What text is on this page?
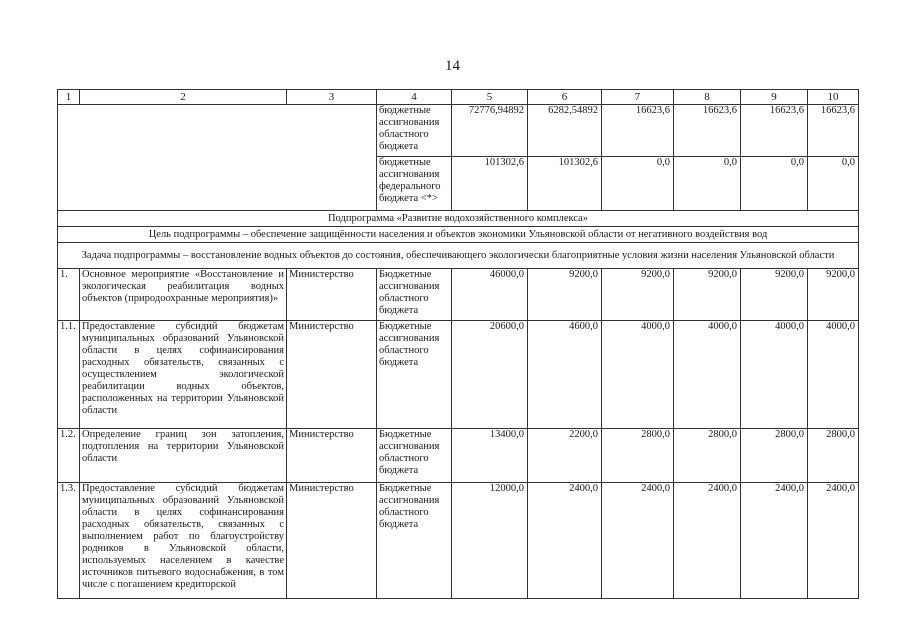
14
1	2	3	4	5	6	7	8	9	10
			бюджетные ассигнования областного бюджета	72776,94892	6282,54892	16623,6	16623,6	16623,6	16623,6
			бюджетные ассигнования федерального бюджета <*>	101302,6	101302,6	0,0	0,0	0,0	0,0
Подпрограмма «Развитие водохозяйственного комплекса»									
Цель подпрограммы – обеспечение защищённости населения и объектов экономики Ульяновской области от негативного воздействия вод									
Задача подпрограммы – восстановление водных объектов до состояния, обеспечивающего экологически благоприятные условия жизни населения Ульяновской области									
1.	Основное мероприятие «Восстановление и экологическая реабилитация водных объектов (природоохранные мероприятия)»	Министерство	Бюджетные ассигнования областного бюджета	46000,0	9200,0	9200,0	9200,0	9200,0	9200,0
1.1.	Предоставление субсидий бюджетам муниципальных образований Ульяновской области в целях софинансирования расходных обязательств, связанных с осуществлением экологической реабилитации водных объектов, расположенных на территории Ульяновской области	Министерство	Бюджетные ассигнования областного бюджета	20600,0	4600,0	4000,0	4000,0	4000,0	4000,0
1.2.	Определение границ зон затопления, подтопления на территории Ульяновской области	Министерство	Бюджетные ассигнования областного бюджета	13400,0	2200,0	2800,0	2800,0	2800,0	2800,0
1.3.	Предоставление субсидий бюджетам муниципальных образований Ульяновской области в целях софинансирования расходных обязательств, связанных с выполнением работ по благоустройству родников в Ульяновской области, используемых населением в качестве источников питьевого водоснабжения, в том числе с погашением кредиторской	Министерство	Бюджетные ассигнования областного бюджета	12000,0	2400,0	2400,0	2400,0	2400,0	2400,0
